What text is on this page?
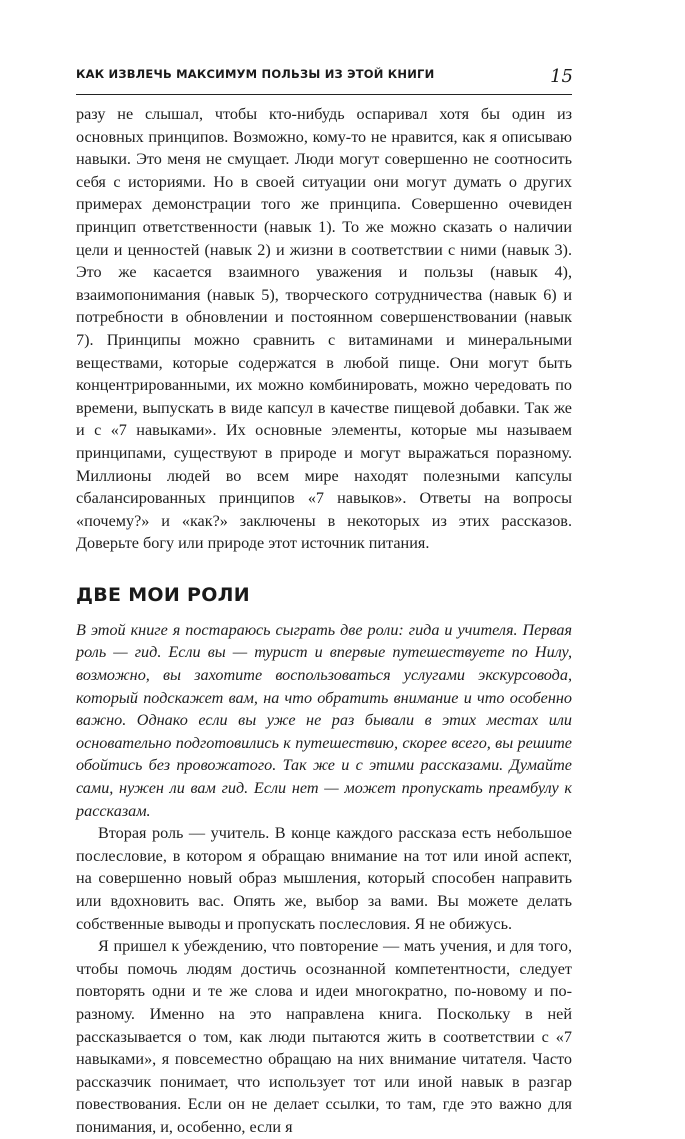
КАК ИЗВЛЕЧЬ МАКСИМУМ ПОЛЬЗЫ ИЗ ЭТОЙ КНИГИ	15

разу не слышал, чтобы кто-нибудь оспаривал хотя бы один из основных принципов. Возможно, кому-то не нравится, как я описываю навыки. Это меня не смущает. Люди могут совершенно не соотносить себя с историями. Но в своей ситуации они могут думать о других примерах демонстрации того же принципа. Совершенно очевиден принцип ответственности (навык 1). То же можно сказать о наличии цели и ценностей (навык 2) и жизни в соответствии с ними (навык 3). Это же касается взаимного уважения и пользы (навык 4), взаимопонимания (навык 5), творческого сотрудничества (навык 6) и потребности в обновлении и постоянном совершенствовании (навык 7). Принципы можно сравнить с витаминами и минеральными веществами, которые содержатся в любой пище. Они могут быть концентрированными, их можно комбинировать, можно чередовать по времени, выпускать в виде капсул в качестве пищевой добавки. Так же и с «7 навыками». Их основные элементы, которые мы называем принципами, существуют в природе и могут выражаться поразному. Миллионы людей во всем мире находят полезными капсулы сбалансированных принципов «7 навыков». Ответы на вопросы «почему?» и «как?» заключены в некоторых из этих рассказов. Доверьте богу или природе этот источник питания.

ДВЕ МОИ РОЛИ

В этой книге я постараюсь сыграть две роли: гида и учителя. Первая роль — гид. Если вы — турист и впервые путешествуете по Нилу, возможно, вы захотите воспользоваться услугами экскурсовода, который подскажет вам, на что обратить внимание и что особенно важно. Однако если вы уже не раз бывали в этих местах или основательно подготовились к путешествию, скорее всего, вы решите обойтись без провожатого. Так же и с этими рассказами. Думайте сами, нужен ли вам гид. Если нет — может пропускать преамбулу к рассказам.

Вторая роль — учитель. В конце каждого рассказа есть небольшое послесловие, в котором я обращаю внимание на тот или иной аспект, на совершенно новый образ мышления, который способен направить или вдохновить вас. Опять же, выбор за вами. Вы можете делать собственные выводы и пропускать послесловия. Я не обижусь.

Я пришел к убеждению, что повторение — мать учения, и для того, чтобы помочь людям достичь осознанной компетентности, следует повторять одни и те же слова и идеи многократно, по-новому и по-разному. Именно на это направлена книга. Поскольку в ней рассказывается о том, как люди пытаются жить в соответствии с «7 навыками», я повсеместно обращаю на них внимание читателя. Часто рассказчик понимает, что использует тот или иной навык в разгар повествования. Если он не делает ссылки, то там, где это важно для понимания, и, особенно, если я
